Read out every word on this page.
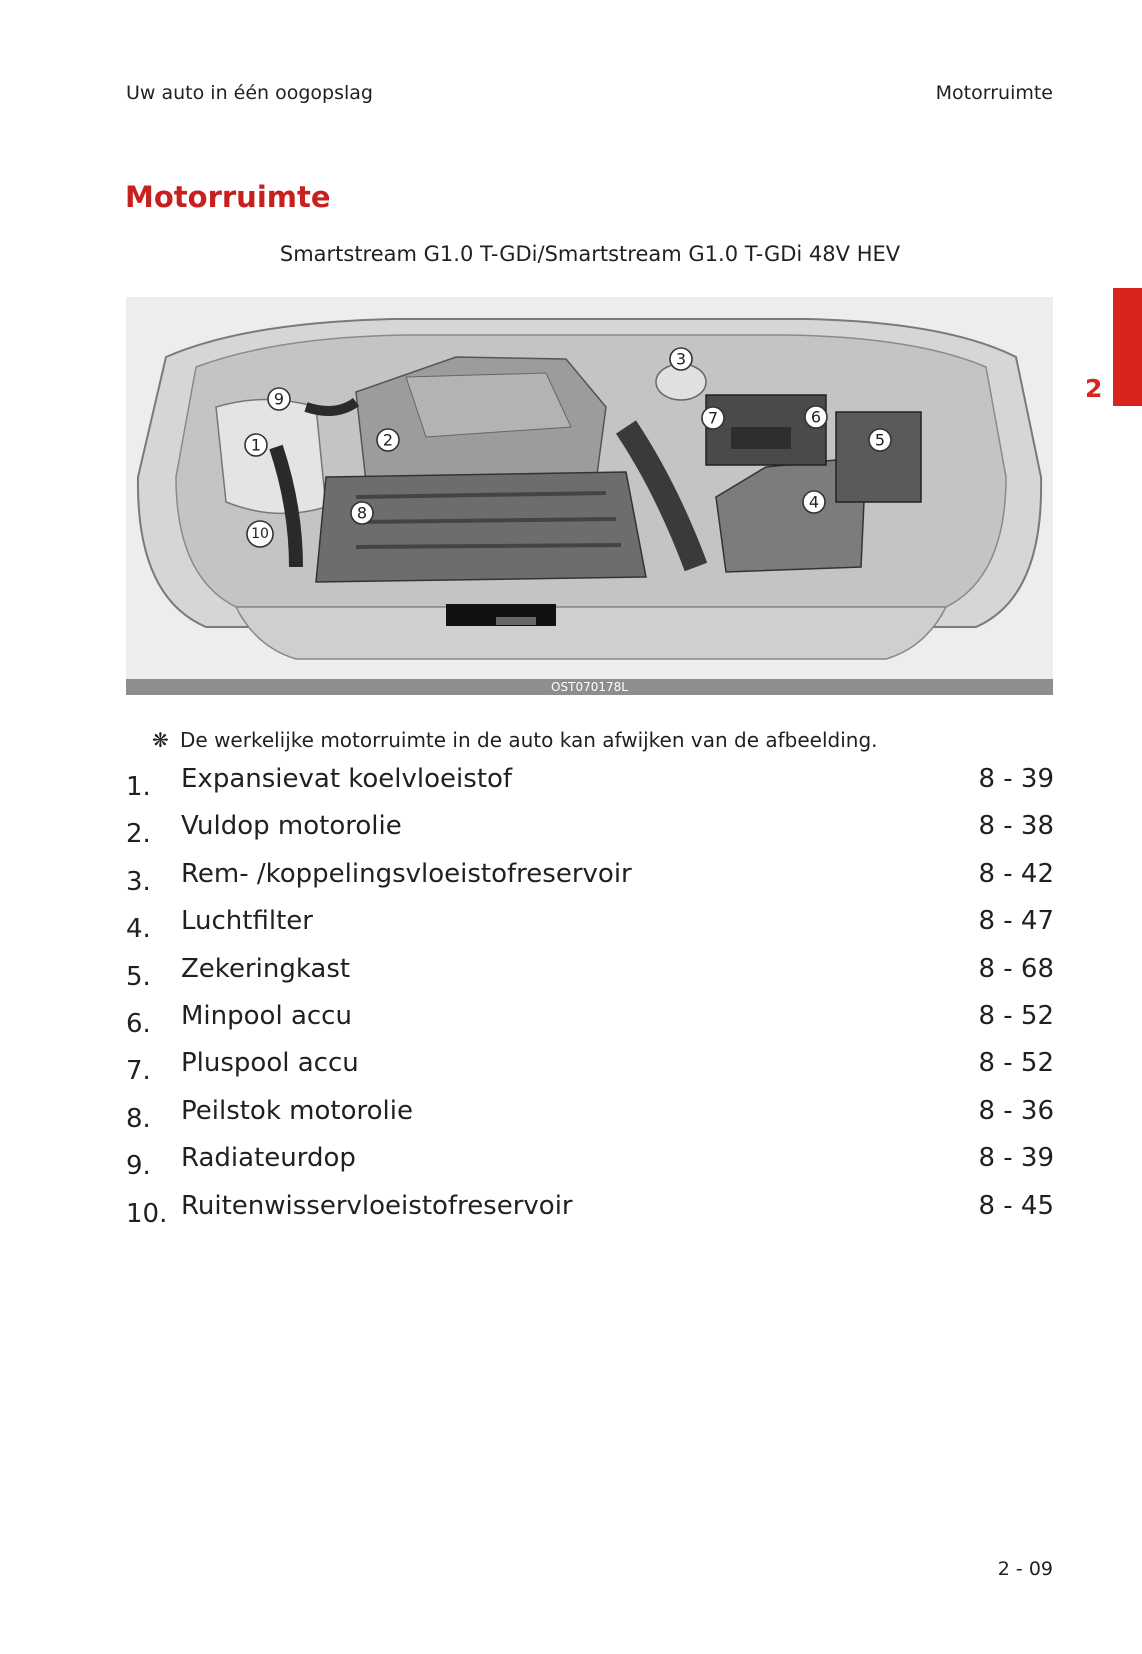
Uw auto in één oogopslag	Motorruimte
Motorruimte
Smartstream G1.0 T-GDi/Smartstream G1.0 T-GDi 48V HEV
2
1	2
3
4
5
6
7
8
9
10
OST070178L
❋ De werkelijke motorruimte in de auto kan afwijken van de afbeelding.
1.	Expansievat koelvloeistof	8 - 39
2.	Vuldop motorolie	8 - 38
3.	Rem- /koppelingsvloeistofreservoir	8 - 42
4.	Luchtfilter	8 - 47
5.	Zekeringkast	8 - 68
6.	Minpool accu	8 - 52
7.	Pluspool accu	8 - 52
8.	Peilstok motorolie	8 - 36
9.	Radiateurdop	8 - 39
10. Ruitenwisservloeistofreservoir	8 - 45
2 - 09
